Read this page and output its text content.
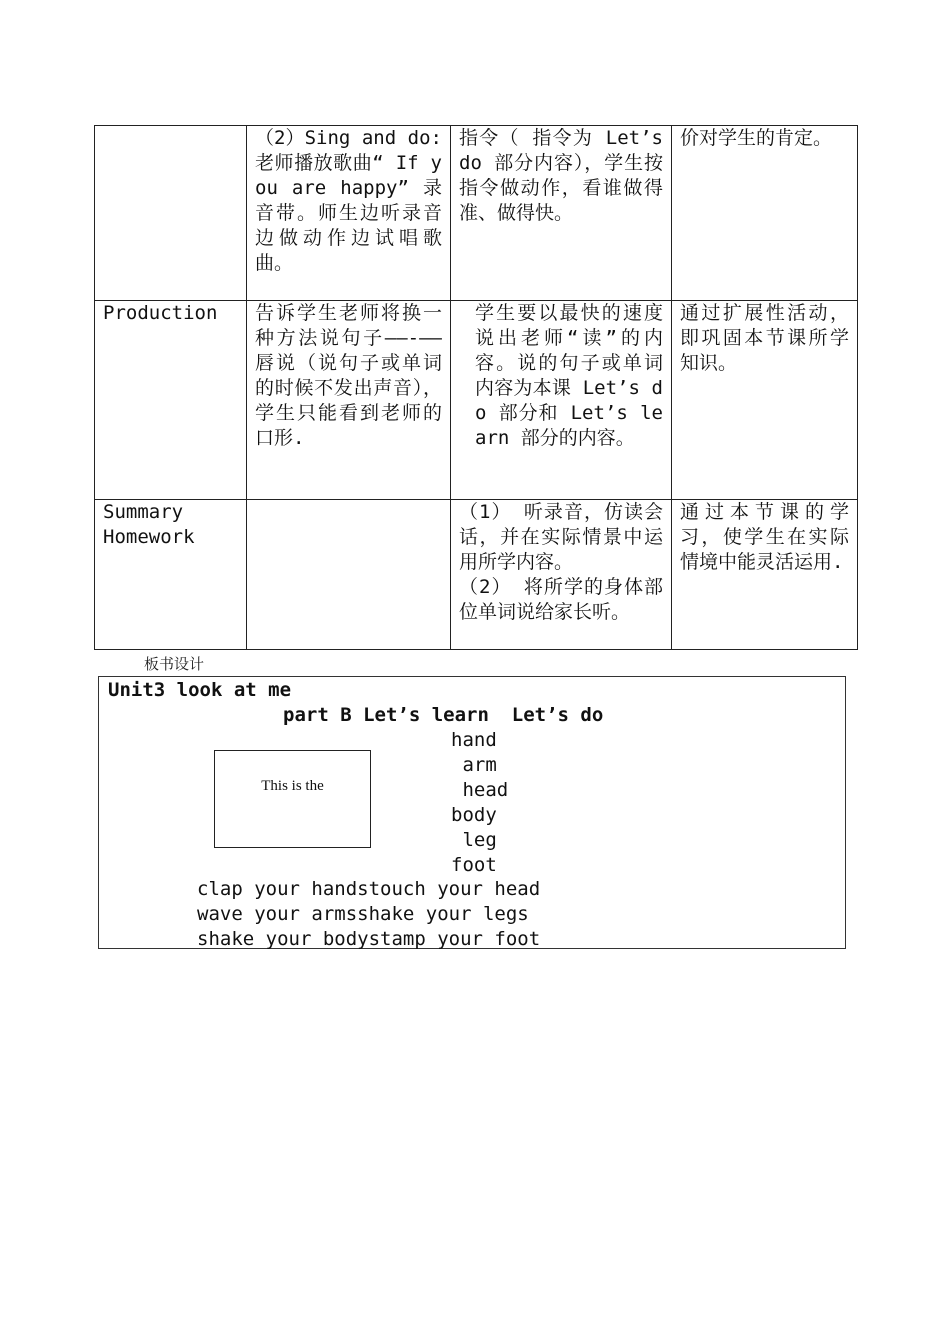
	（2）Sing and do: 老师播放歌曲“ If you are happy” 录音带。师生边听录音边做动作边试唱歌曲。	指令（ 指令为 Let’s do 部分内容），学生按指令做动作，看谁做得准、做得快。	价对学生的肯定。

Production	告诉学生老师将换一种方法说句子——-——唇说（说句子或单词的时候不发出声音），学生只能看到老师的口形.	学生要以最快的速度说出老师“读”的内容。说的句子或单词内容为本课 Let’s do 部分和 Let’s learn 部分的内容。	通过扩展性活动，即巩固本节课所学知识。

Summary Homework		（1） 听录音，仿读会话，并在实际情景中运用所学内容。
（2） 将所学的身体部位单词说给家长听。	通过本节课的学习，使学生在实际情境中能灵活运用.
板书设计
Unit3 look at me
part B Let’s learn  Let’s do
This is the
hand
arm
head
body
leg
foot
clap your handstouch your head
wave your armsshake your legs
shake your bodystamp your foot
